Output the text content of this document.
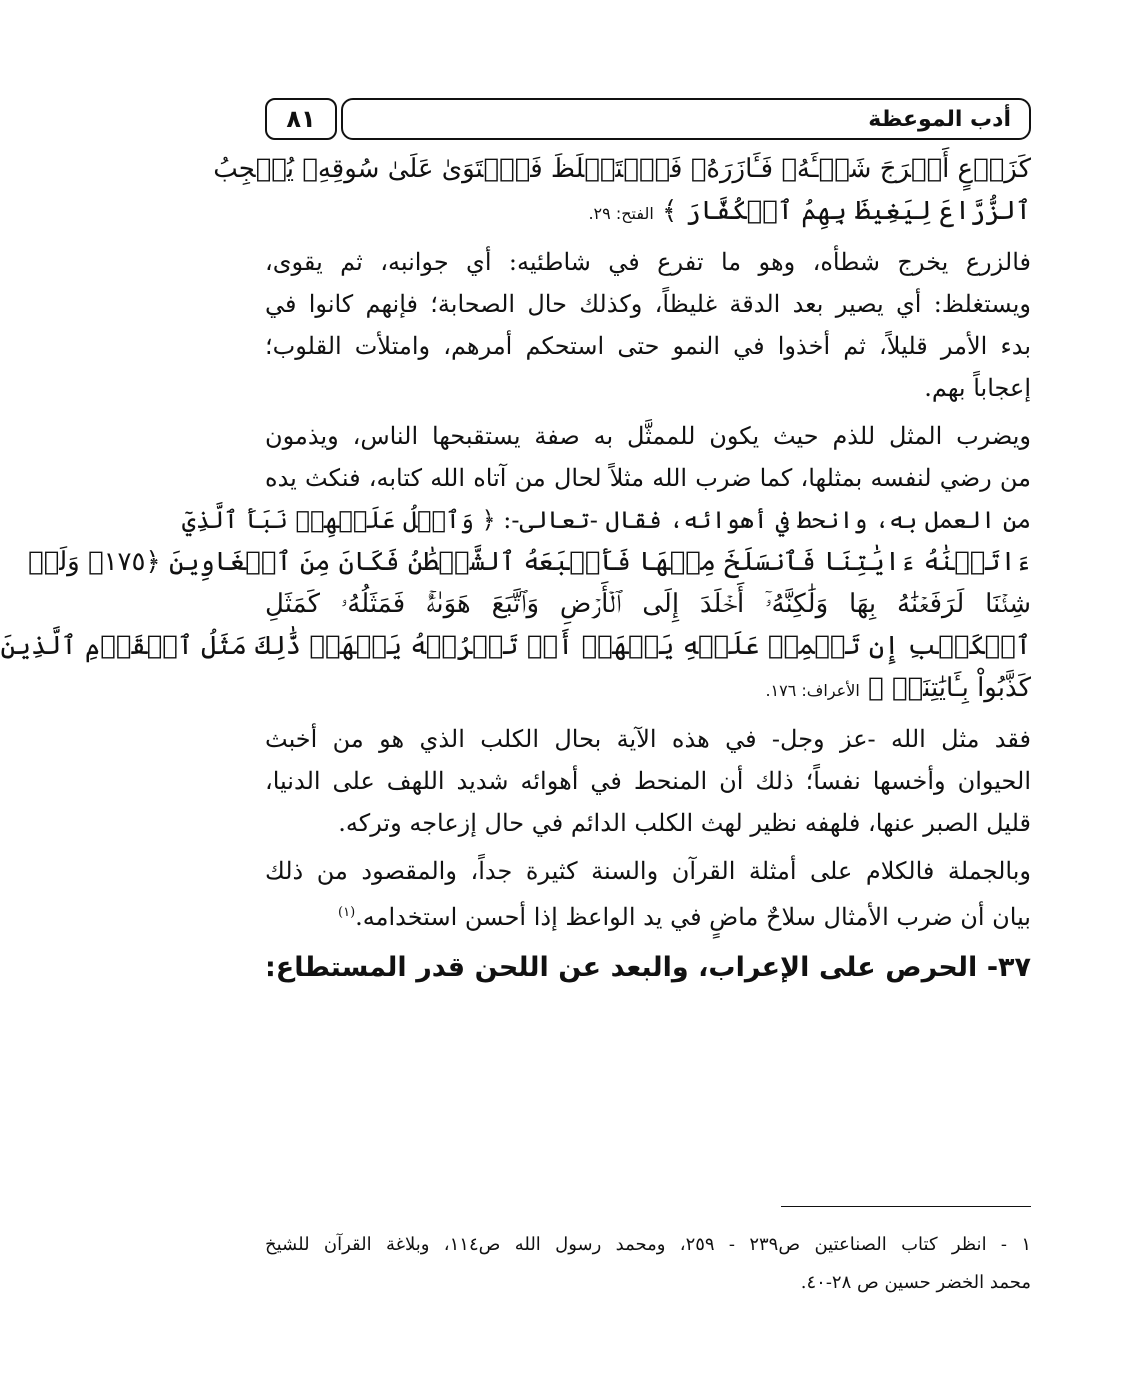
٨١	أدب الموعظة
كَزَرۡعٍ أَخۡرَجَ شَطۡـَٔهُۥ فَـَٔازَرَهُۥ فَٱسۡتَغۡلَظَ فَٱسۡتَوَىٰ عَلَىٰ سُوقِهِۦ يُعۡجِبُ
ٱلزُّرَّاعَ لِيَغِيظَ بِهِمُ ٱلۡكُفَّارَ ﴾ الفتح: ٢٩.
فالزرع يخرج شطأه، وهو ما تفرع في شاطئيه: أي جوانبه، ثم يقوى،
ويستغلظ: أي يصير بعد الدقة غليظاً، وكذلك حال الصحابة؛ فإنهم كانوا في
بدء الأمر قليلاً، ثم أخذوا في النمو حتى استحكم أمرهم، وامتلأت القلوب؛
إعجاباً بهم.
ويضرب المثل للذم حيث يكون للممثَّل به صفة يستقبحها الناس، ويذمون
من رضي لنفسه بمثلها، كما ضرب الله مثلاً لحال من آتاه الله كتابه، فنكث يده
من العمل به، وانحط في أهوائه، فقال -تعالى-: ﴿ وَٱتۡلُ عَلَيۡهِمۡ نَبَأَ ٱلَّذِيٓ
ءَاتَيۡنَٰهُ ءَايَٰتِنَا فَٱنسَلَخَ مِنۡهَا فَأَتۡبَعَهُ ٱلشَّيۡطَٰنُ فَكَانَ مِنَ ٱلۡغَاوِينَ ﴿١٧٥﴾ وَلَوۡ
شِئۡنَا لَرَفَعۡنَٰهُ بِهَا وَلَٰكِنَّهُۥٓ أَخۡلَدَ إِلَى ٱلۡأَرۡضِ وَٱتَّبَعَ هَوَىٰهُۚ فَمَثَلُهُۥ كَمَثَلِ
ٱلۡكَلۡبِ إِن تَحۡمِلۡ عَلَيۡهِ يَلۡهَثۡ أَوۡ تَتۡرُكۡهُ يَلۡهَثۚ ذَّٰلِكَ مَثَلُ ٱلۡقَوۡمِ ٱلَّذِينَ
كَذَّبُواْ بِـَٔايَٰتِنَاۚ ﴾ الأعراف: ١٧٦.
فقد مثل الله -عز وجل- في هذه الآية بحال الكلب الذي هو من أخبث
الحيوان وأخسها نفساً؛ ذلك أن المنحط في أهوائه شديد اللهف على الدنيا،
قليل الصبر عنها، فلهفه نظير لهث الكلب الدائم في حال إزعاجه وتركه.
وبالجملة فالكلام على أمثلة القرآن والسنة كثيرة جداً، والمقصود من ذلك
بيان أن ضرب الأمثال سلاحٌ ماضٍ في يد الواعظ إذا أحسن استخدامه.$^{(١)}$
٣٧- الحرص على الإعراب، والبعد عن اللحن قدر المستطاع:
١ - انظر كتاب الصناعتين ص٢٣٩ - ٢٥٩، ومحمد رسول الله ص١١٤، وبلاغة القرآن للشيخ
محمد الخضر حسين ص ٢٨-٤٠.
